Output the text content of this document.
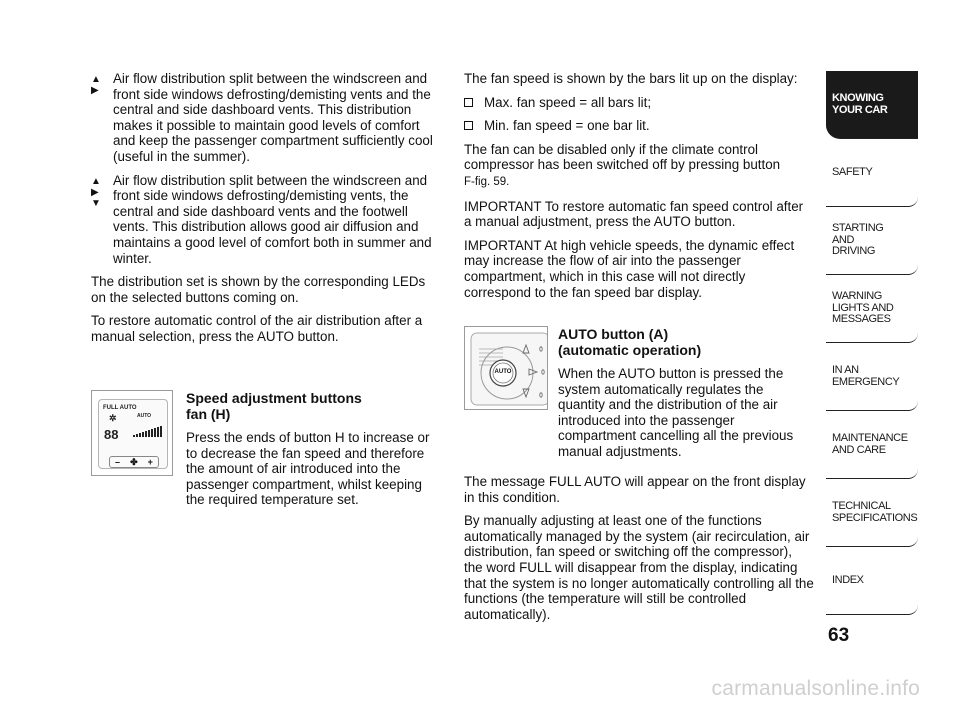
▲
▶

Air flow distribution split between the windscreen and front side windows defrosting/demisting vents and the central and side dashboard vents. This distribution makes it possible to maintain good levels of comfort and keep the passenger compartment sufficiently cool (useful in the summer).

▲
▶
▼

Air flow distribution split between the windscreen and front side windows defrosting/demisting vents, the central and side dashboard vents and the footwell vents. This distribution allows good air diffusion and maintains a good level of comfort both in summer and winter.

The distribution set is shown by the corresponding LEDs on the selected buttons coming on.

To restore automatic control of the air distribution after a manual selection, press the AUTO button.

FULL AUTO
✲	AUTO
88
– ✤ +
Speed adjustment buttons
fan (H)

Press the ends of button H to increase or to decrease the fan speed and therefore the amount of air introduced into the passenger compartment, whilst keeping the required temperature set.

The fan speed is shown by the bars lit up on the display:

Max. fan speed = all bars lit;
Min. fan speed = one bar lit.

The fan can be disabled only if the climate control compressor has been switched off by pressing button
F-fig. 59.

IMPORTANT To restore automatic fan speed control after a manual adjustment, press the AUTO button.

IMPORTANT At high vehicle speeds, the dynamic effect may increase the flow of air into the passenger compartment, which in this case will not directly correspond to the fan speed bar display.

AUTO
AUTO button (A)
(automatic operation)

When the AUTO button is pressed the system automatically regulates the quantity and the distribution of the air introduced into the passenger compartment cancelling all the previous manual adjustments.

The message FULL AUTO will appear on the front display in this condition.

By manually adjusting at least one of the functions automatically managed by the system (air recirculation, air distribution, fan speed or switching off the compressor), the word FULL will disappear from the display, indicating that the system is no longer automatically controlling all the functions (the temperature will still be controlled automatically).

KNOWING
YOUR CAR
SAFETY
STARTING
AND
DRIVING
WARNING
LIGHTS AND
MESSAGES
IN AN
EMERGENCY
MAINTENANCE
AND CARE
TECHNICAL
SPECIFICATIONS
INDEX
63
carmanualsonline.info
